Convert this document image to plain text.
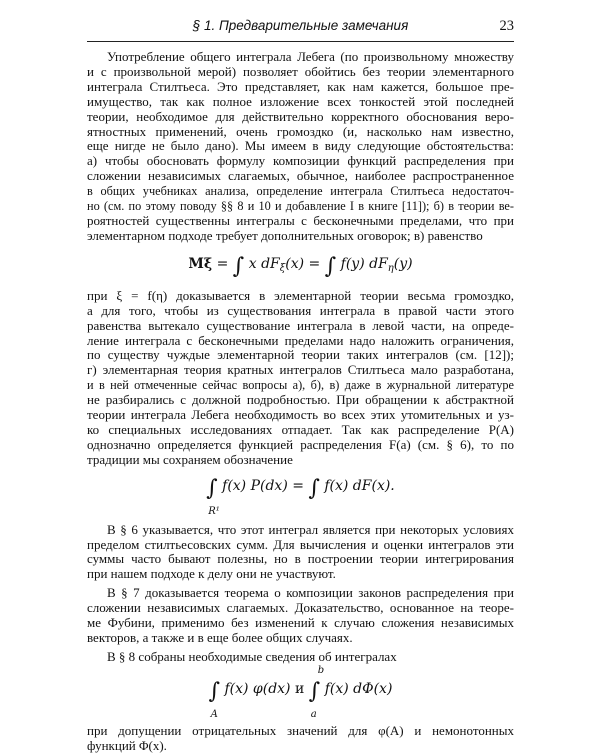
§ 1. Предварительные замечания	23
Употребление общего интеграла Лебега (по произвольному множеству
и с произвольной мерой) позволяет обойтись без теории элементарного
интеграла Стилтьеса. Это представляет, как нам кажется, большое пре-
имущество, так как полное изложение всех тонкостей этой последней
теории, необходимое для действительно корректного обоснования веро-
ятностных применений, очень громоздко (и, насколько нам известно,
еще нигде не было дано). Мы имеем в виду следующие обстоятельства:
а) чтобы обосновать формулу композиции функций распределения при
сложении независимых слагаемых, обычное, наиболее распространенное
в общих учебниках анализа, определение интеграла Стилтьеса недостаточ-
но (см. по этому поводу §§ 8 и 10 и добавление I в книге [11]); б) в теории ве-
роятностей существенны интегралы с бесконечными пределами, что при
элементарном подходе требует дополнительных оговорок; в) равенство
Mξ = ∫ x $dF_\xi(x)$ = ∫ f(y) $dF_\eta(y)$
при ξ = f(η) доказывается в элементарной теории весьма громоздко,
а для того, чтобы из существования интеграла в правой части этого
равенства вытекало существование интеграла в левой части, на опреде-
ление интеграла с бесконечными пределами надо наложить ограничения,
по существу чуждые элементарной теории таких интегралов (см. [12]);
г) элементарная теория кратных интегралов Стилтьеса мало разработана,
и в ней отмеченные сейчас вопросы а), б), в) даже в журнальной литературе
не разбирались с должной подробностью. При обращении к абстрактной
теории интеграла Лебега необходимость во всех этих утомительных и уз-
ко специальных исследованиях отпадает. Так как распределение P(A)
однозначно определяется функцией распределения F(a) (см. § 6), то по
традиции мы сохраняем обозначение
∫
R¹
f(x) P(dx) = ∫ f(x) dF(x).
В § 6 указывается, что этот интеграл является при некоторых условиях
пределом стилтьесовских сумм. Для вычисления и оценки интегралов эти
суммы часто бывают полезны, но в построении теории интегрирования
при нашем подходе к делу они не участвуют.
В § 7 доказывается теорема о композиции законов распределения при
сложении независимых слагаемых. Доказательство, основанное на теоре-
ме Фубини, применимо без изменений к случаю сложения независимых
векторов, а также и в еще более общих случаях.
В § 8 собраны необходимые сведения об интегралах
∫
A
f(x) φ(dx) и
b
∫
a
f(x) dΦ(x)
при допущении отрицательных значений для φ(A) и немонотонных
функций Φ(x).
